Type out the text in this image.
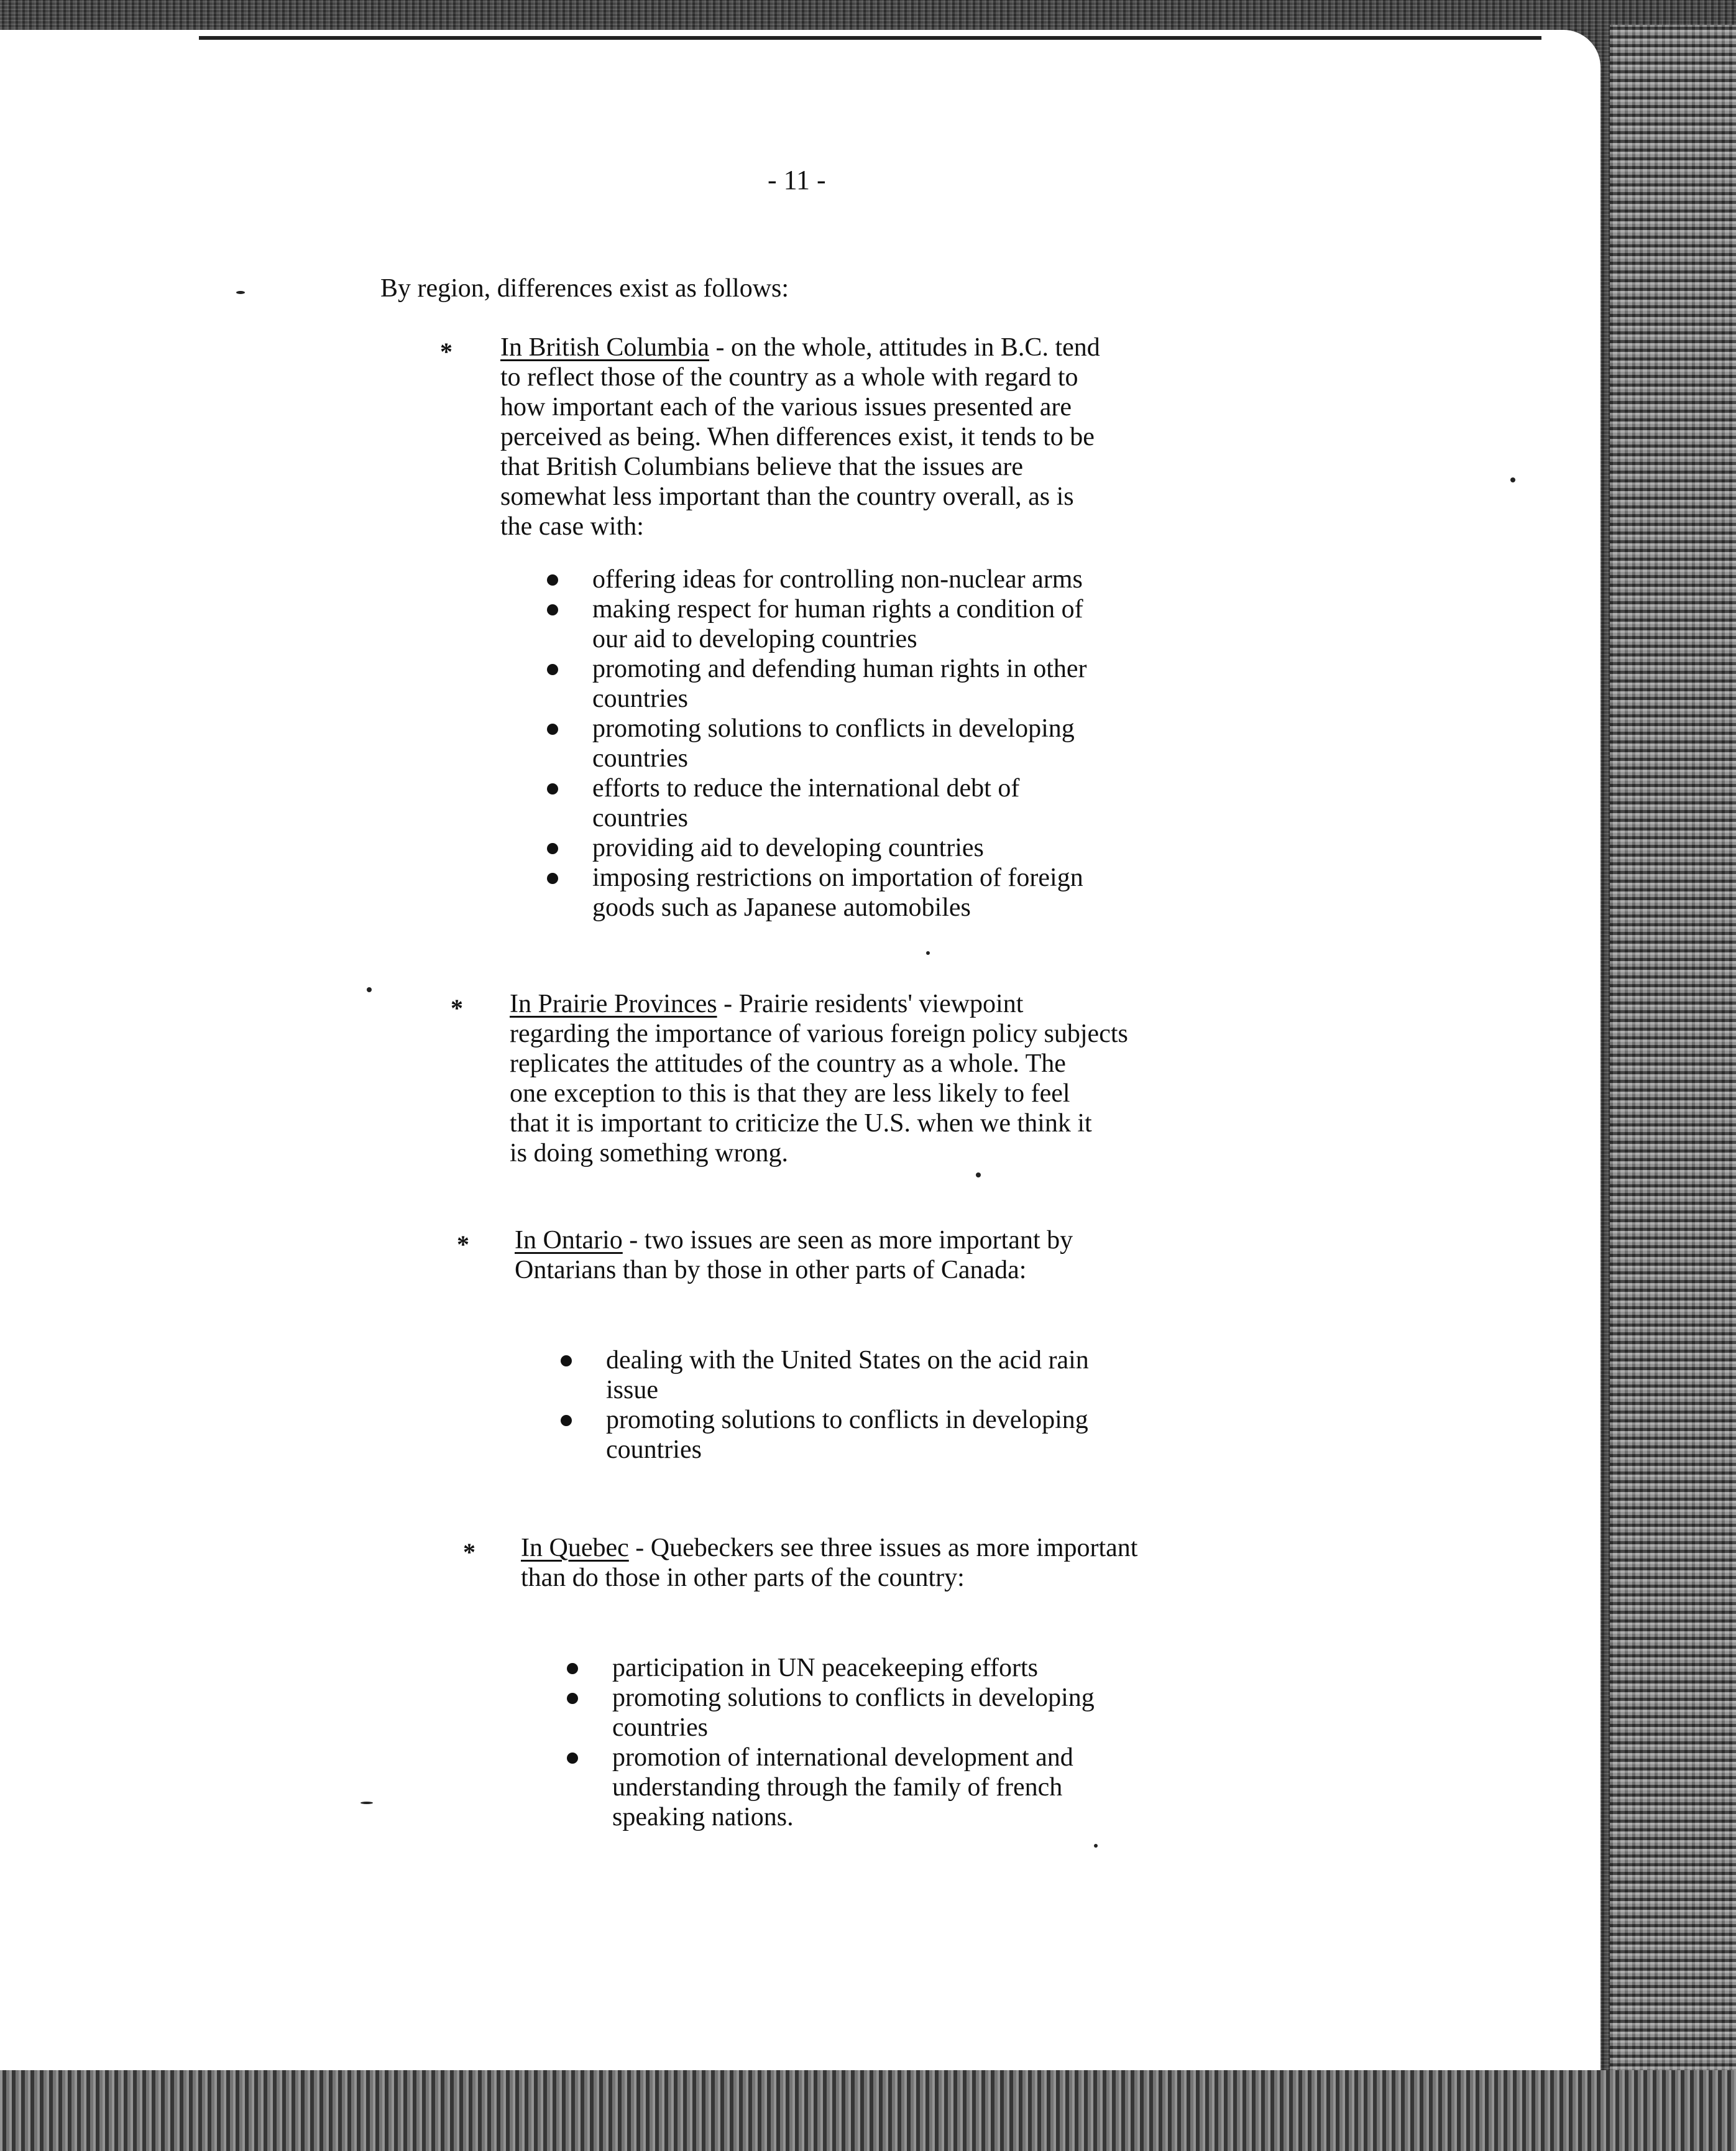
- 11 -
By region, differences exist as follows:
* In British Columbia - on the whole, attitudes in B.C. tend
to reflect those of the country as a whole with regard to
how important each of the various issues presented are
perceived as being. When differences exist, it tends to be
that British Columbians believe that the issues are
somewhat less important than the country overall, as is
the case with:
offering ideas for controlling non-nuclear arms
making respect for human rights a condition of
our aid to developing countries
promoting and defending human rights in other
countries
promoting solutions to conflicts in developing
countries
efforts to reduce the international debt of
countries
providing aid to developing countries
imposing restrictions on importation of foreign
goods such as Japanese automobiles
* In Prairie Provinces - Prairie residents' viewpoint
regarding the importance of various foreign policy subjects
replicates the attitudes of the country as a whole. The
one exception to this is that they are less likely to feel
that it is important to criticize the U.S. when we think it
is doing something wrong.
* In Ontario - two issues are seen as more important by
Ontarians than by those in other parts of Canada:
dealing with the United States on the acid rain
issue
promoting solutions to conflicts in developing
countries
* In Quebec - Quebeckers see three issues as more important
than do those in other parts of the country:
participation in UN peacekeeping efforts
promoting solutions to conflicts in developing
countries
promotion of international development and
understanding through the family of french
speaking nations.
